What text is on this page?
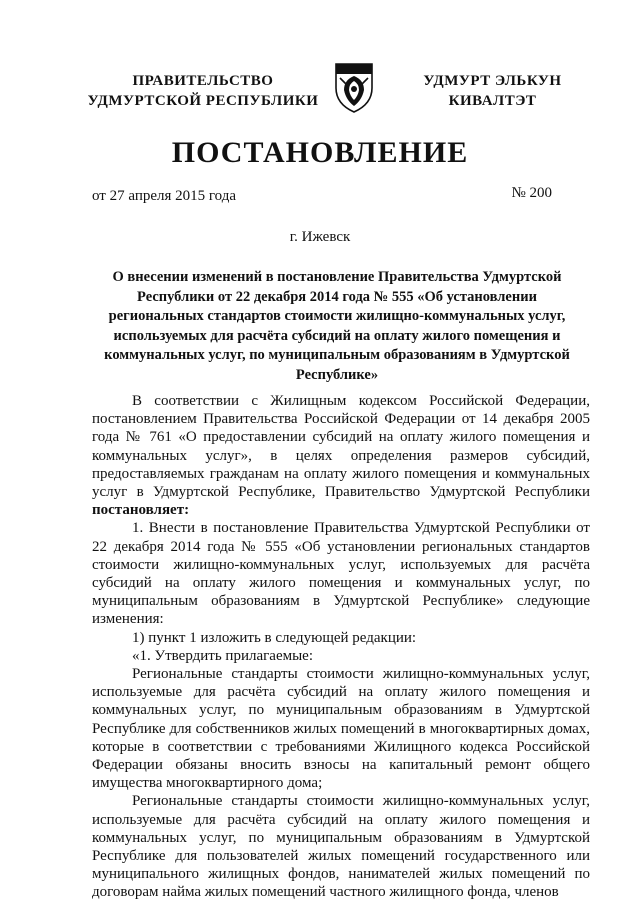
ПРАВИТЕЛЬСТВО
УДМУРТСКОЙ РЕСПУБЛИКИ
УДМУРТ ЭЛЬКУН
КИВАЛТЭТ
ПОСТАНОВЛЕНИЕ
от 27 апреля 2015 года	№ 200
г. Ижевск
О внесении изменений в постановление Правительства Удмуртской Республики от 22 декабря 2014 года № 555 «Об установлении региональных стандартов стоимости жилищно-коммунальных услуг, используемых для расчёта субсидий на оплату жилого помещения и коммунальных услуг, по муниципальным образованиям в Удмуртской Республике»

В соответствии с Жилищным кодексом Российской Федерации, постановлением Правительства Российской Федерации от 14 декабря 2005 года № 761 «О предоставлении субсидий на оплату жилого помещения и коммунальных услуг», в целях определения размеров субсидий, предоставляемых гражданам на оплату жилого помещения и коммунальных услуг в Удмуртской Республике, Правительство Удмуртской Республики постановляет:

1. Внести в постановление Правительства Удмуртской Республики от 22 декабря 2014 года № 555 «Об установлении региональных стандартов стоимости жилищно-коммунальных услуг, используемых для расчёта субсидий на оплату жилого помещения и коммунальных услуг, по муниципальным образованиям в Удмуртской Республике» следующие изменения:

1) пункт 1 изложить в следующей редакции:

«1. Утвердить прилагаемые:

Региональные стандарты стоимости жилищно-коммунальных услуг, используемые для расчёта субсидий на оплату жилого помещения и коммунальных услуг, по муниципальным образованиям в Удмуртской Республике для собственников жилых помещений в многоквартирных домах, которые в соответствии с требованиями Жилищного кодекса Российской Федерации обязаны вносить взносы на капитальный ремонт общего имущества многоквартирного дома;

Региональные стандарты стоимости жилищно-коммунальных услуг, используемые для расчёта субсидий на оплату жилого помещения и коммунальных услуг, по муниципальным образованиям в Удмуртской Республике для пользователей жилых помещений государственного или муниципального жилищных фондов, нанимателей жилых помещений по договорам найма жилых помещений частного жилищного фонда, членов
